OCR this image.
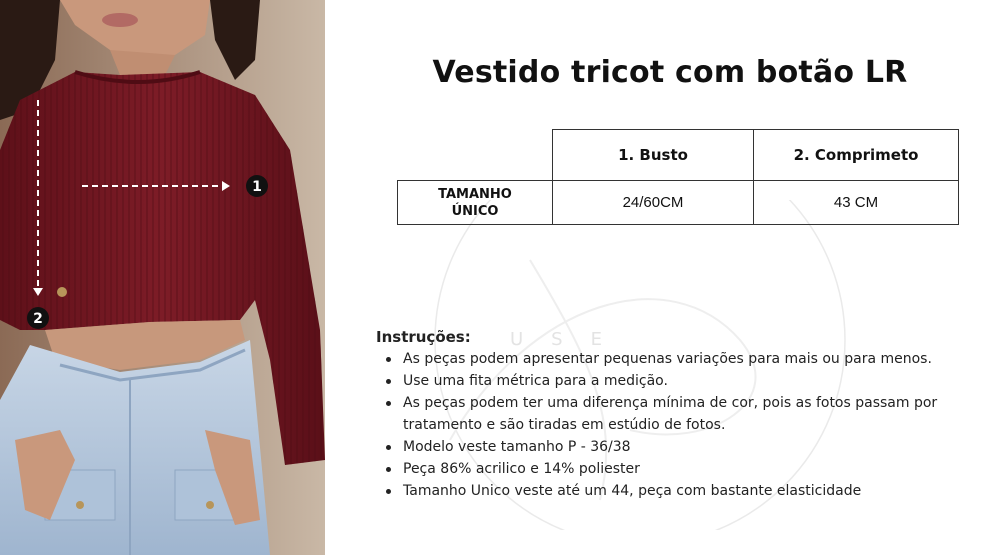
1
2
USE
Vestido tricot com botão LR
	1. Busto	2. Comprimeto
TAMANHO ÚNICO	24/60CM	43 CM
Instruções:
As peças podem apresentar pequenas variações para mais ou para menos.
Use uma fita métrica para a medição.
As peças podem ter uma diferença mínima de cor, pois as fotos passam por tratamento e são tiradas em estúdio de fotos.
Modelo veste tamanho P - 36/38
Peça 86% acrilico e 14% poliester
Tamanho Unico veste até um 44, peça com bastante elasticidade
